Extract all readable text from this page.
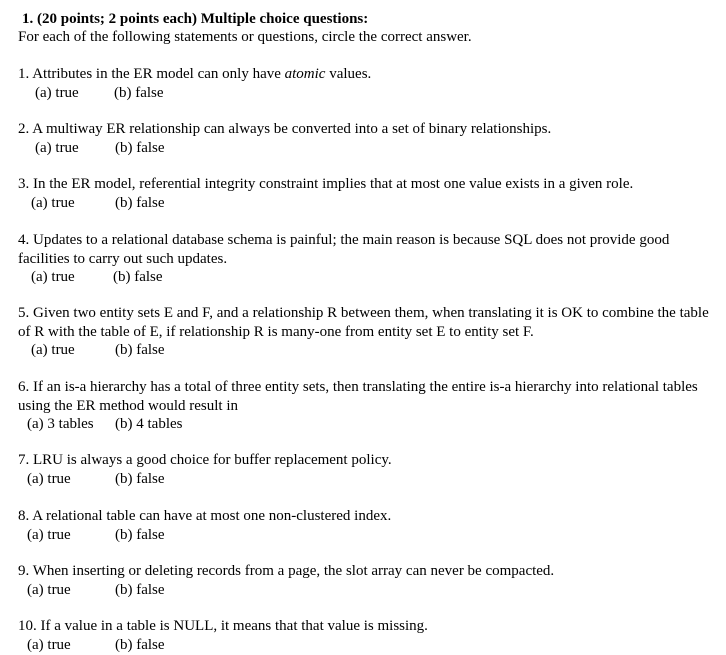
1. (20 points; 2 points each) Multiple choice questions:
For each of the following statements or questions, circle the correct answer.
1. Attributes in the ER model can only have atomic values.
(a) true (b) false
2. A multiway ER relationship can always be converted into a set of binary relationships.
(a) true (b) false
3. In the ER model, referential integrity constraint implies that at most one value exists in a given role.
(a) true	(b) false
4. Updates to a relational database schema is painful; the main reason is because SQL does not provide good facilities to carry out such updates.
(a) true	(b) false
5. Given two entity sets E and F, and a relationship R between them, when translating it is OK to combine the table of R with the table of E, if relationship R is many-one from entity set E to entity set F.
(a) true	(b) false
6. If an is-a hierarchy has a total of three entity sets, then translating the entire is-a hierarchy into relational tables using the ER method would result in
(a) 3 tables (b) 4 tables
7. LRU is always a good choice for buffer replacement policy.
(a) true	(b) false
8. A relational table can have at most one non-clustered index.
(a) true	(b) false
9. When inserting or deleting records from a page, the slot array can never be compacted.
(a) true	(b) false
10. If a value in a table is NULL, it means that that value is missing.
(a) true	(b) false
